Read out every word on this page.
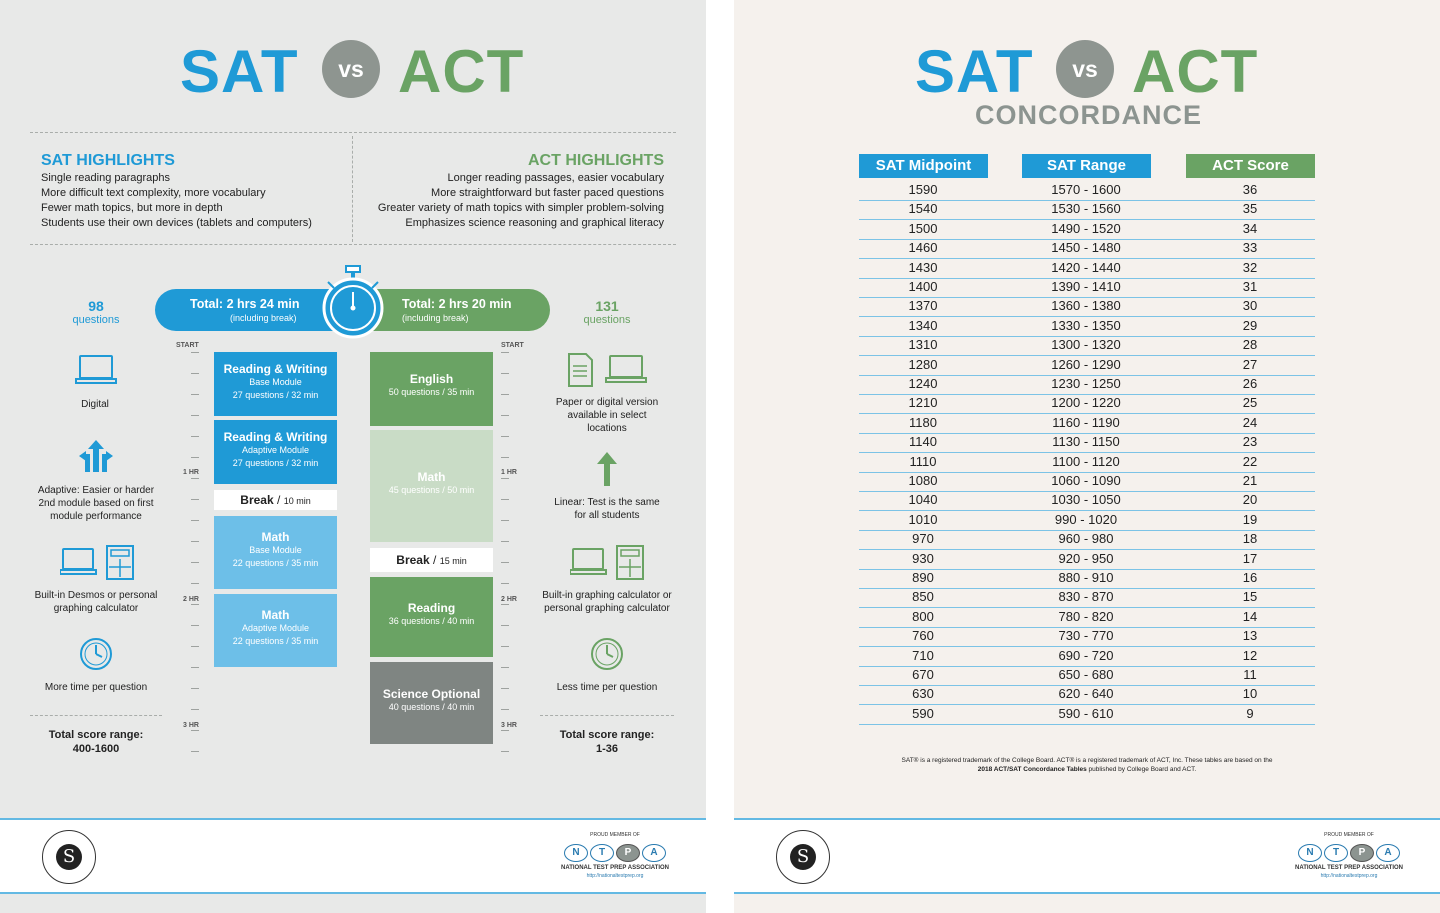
SAT	vs ACT
SAT HIGHLIGHTS
Single reading paragraphs
More difficult text complexity, more vocabulary
Fewer math topics, but more in depth
Students use their own devices (tablets and computers)
ACT HIGHLIGHTS
Longer reading passages, easier vocabulary
More straightforward but faster paced questions
Greater variety of math topics with simpler problem-solving
Emphasizes science reasoning and graphical literacy
98
questions
131
questions
Total: 2 hrs 24 min
(including break)
Total: 2 hrs 20 min
(including break)
START
1 HR
2 HR
3 HR
START
1 HR
2 HR
3 HR
Reading & Writing
Base Module
27 questions / 32 min
Reading & Writing
Adaptive Module
27 questions / 32 min
Break / 10 min
Math
Base Module
22 questions / 35 min
Math
Adaptive Module
22 questions / 35 min
English
50 questions / 35 min
Math
45 questions / 50 min
Break / 15 min
Reading
36 questions / 40 min
Science Optional
40 questions / 40 min
Digital
Adaptive: Easier or harder 2nd module based on first module performance
Built-in Desmos or personal graphing calculator
More time per question
Total score range:
400-1600
Paper or digital version available in select locations
Linear: Test is the same for all students
Built-in graphing calculator or personal graphing calculator
Less time per question
Total score range:
1-36
S
PROUD MEMBER OF
N T P A
NATIONAL TEST PREP ASSOCIATION
http://nationaltestprep.org
SAT	vs ACT
CONCORDANCE
SAT Midpoint	SAT Range	ACT Score
1590	1570 - 1600	36
1540	1530 - 1560	35
1500	1490 - 1520	34
1460	1450 - 1480	33
1430	1420 - 1440	32
1400	1390 - 1410	31
1370	1360 - 1380	30
1340	1330 - 1350	29
1310	1300 - 1320	28
1280	1260 - 1290	27
1240	1230 - 1250	26
1210	1200 - 1220	25
1180	1160 - 1190	24
1140	1130 - 1150	23
1110	1100 - 1120	22
1080	1060 - 1090	21
1040	1030 - 1050	20
1010	990 - 1020	19
970	960 - 980	18
930	920 - 950	17
890	880 - 910	16
850	830 - 870	15
800	780 - 820	14
760	730 - 770	13
710	690 - 720	12
670	650 - 680	11
630	620 - 640	10
590	590 - 610	9
SAT® is a registered trademark of the College Board. ACT® is a registered trademark of ACT, Inc. These tables are based on the
2018 ACT/SAT Concordance Tables published by College Board and ACT.
S
PROUD MEMBER OF
N T P A
NATIONAL TEST PREP ASSOCIATION
http://nationaltestprep.org
